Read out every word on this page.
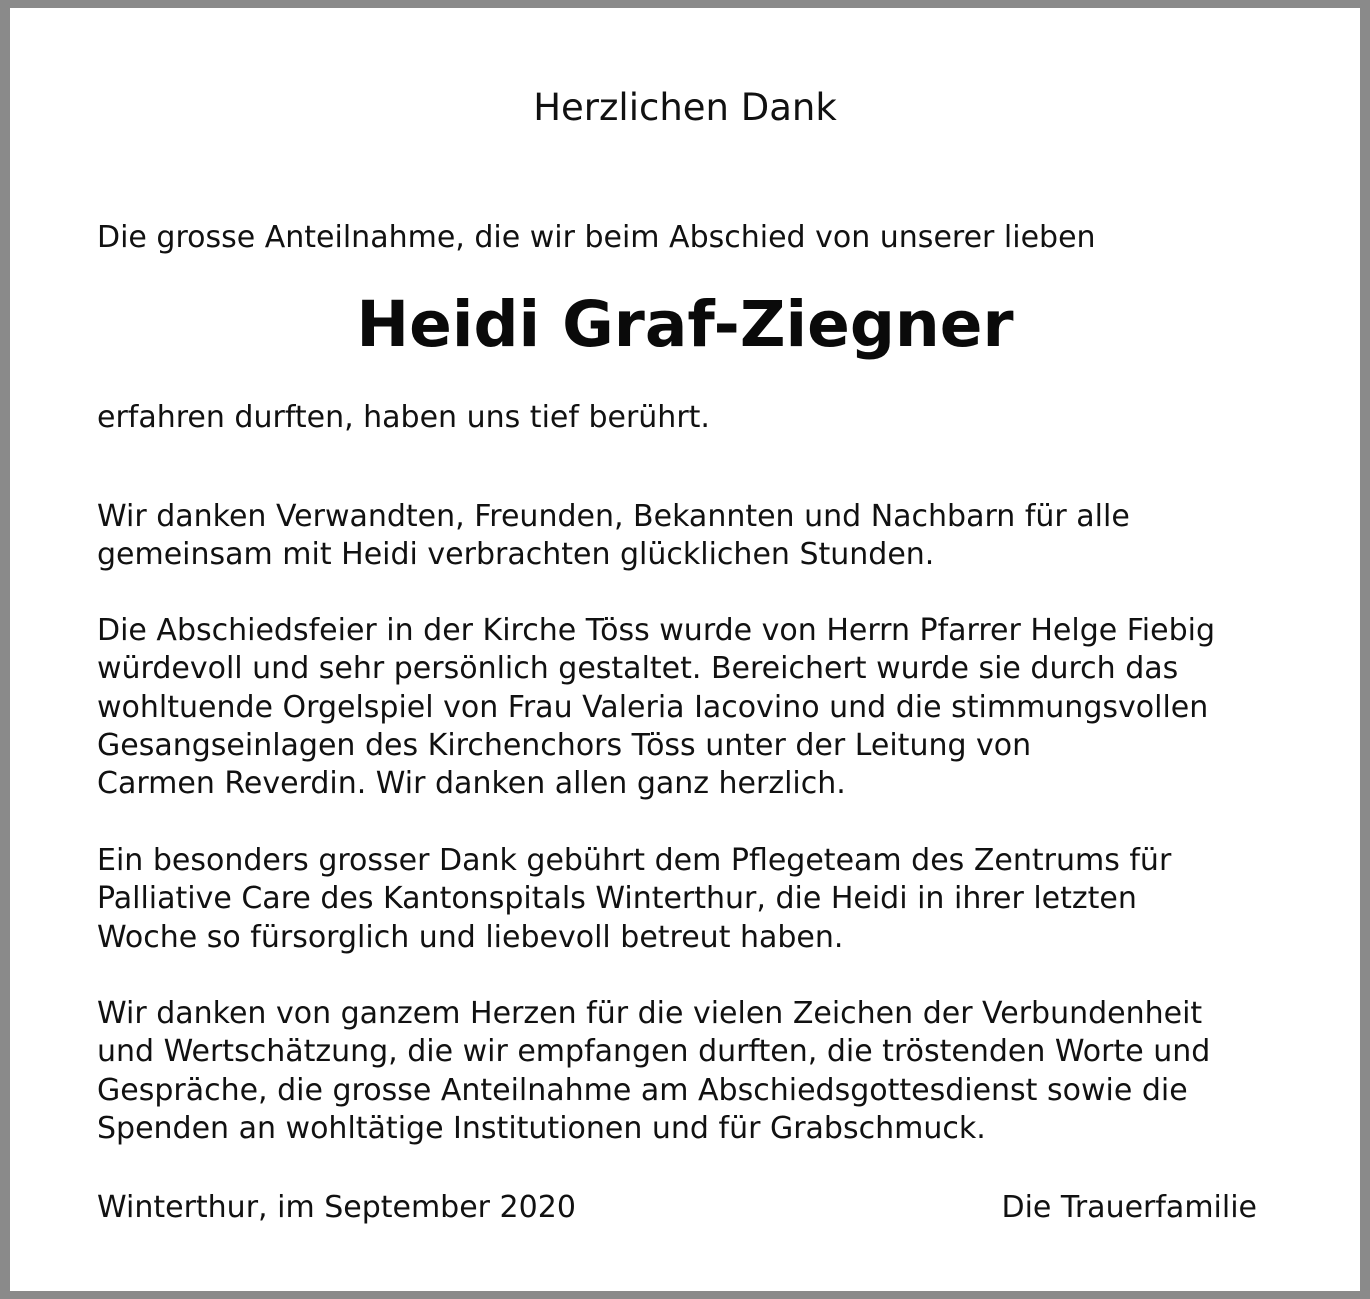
Herzlichen Dank
Die grosse Anteilnahme, die wir beim Abschied von unserer lieben
Heidi Graf-Ziegner
erfahren durften, haben uns tief berührt.
Wir danken Verwandten, Freunden, Bekannten und Nachbarn für alle
gemeinsam mit Heidi verbrachten glücklichen Stunden.
Die Abschiedsfeier in der Kirche Töss wurde von Herrn Pfarrer Helge Fiebig
würdevoll und sehr persönlich gestaltet. Bereichert wurde sie durch das
wohltuende Orgelspiel von Frau Valeria Iacovino und die stimmungsvollen
Gesangseinlagen des Kirchenchors Töss unter der Leitung von
Carmen Reverdin. Wir danken allen ganz herzlich.
Ein besonders grosser Dank gebührt dem Pflegeteam des Zentrums für
Palliative Care des Kantonspitals Winterthur, die Heidi in ihrer letzten
Woche so fürsorglich und liebevoll betreut haben.
Wir danken von ganzem Herzen für die vielen Zeichen der Verbundenheit
und Wertschätzung, die wir empfangen durften, die tröstenden Worte und
Gespräche, die grosse Anteilnahme am Abschiedsgottesdienst sowie die
Spenden an wohltätige Institutionen und für Grabschmuck.
Winterthur, im September 2020	Die Trauerfamilie
